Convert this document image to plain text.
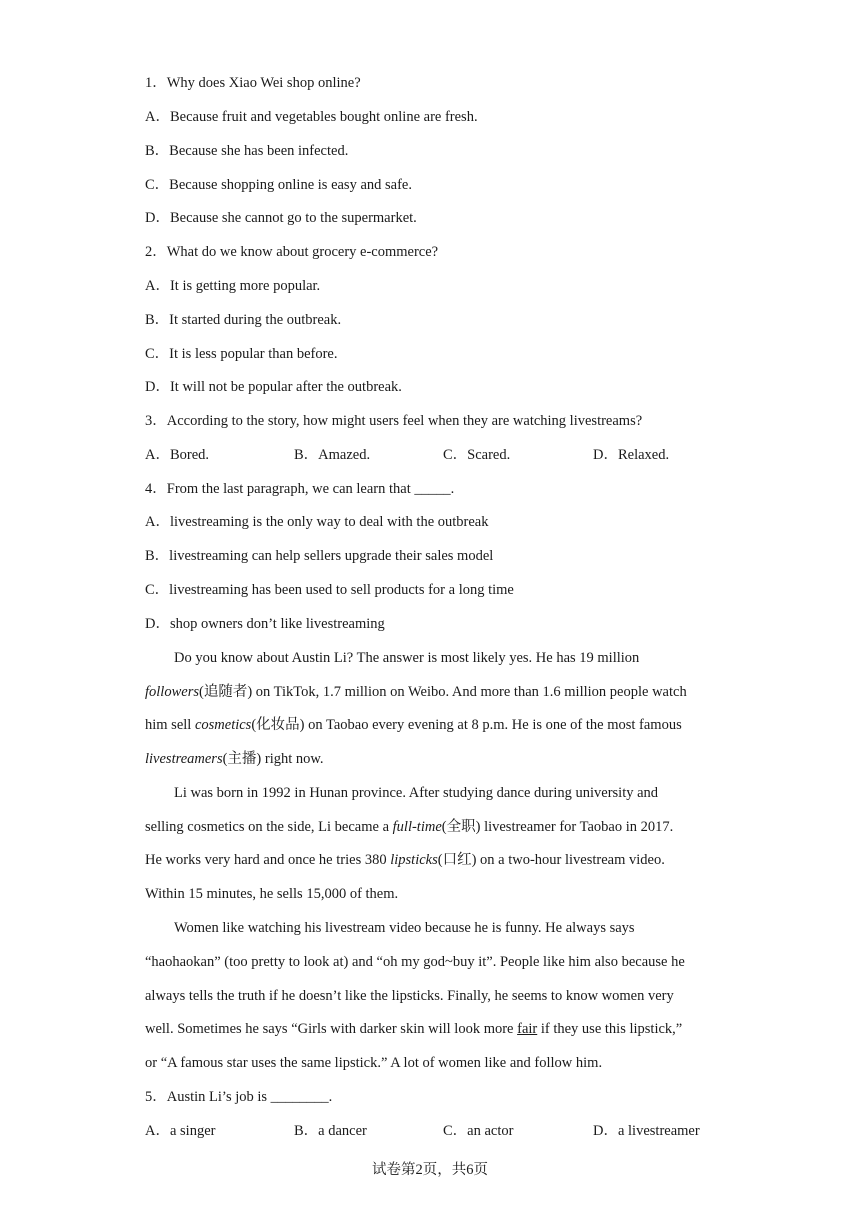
1．Why does Xiao Wei shop online?
A．Because fruit and vegetables bought online are fresh.
B．Because she has been infected.
C．Because shopping online is easy and safe.
D．Because she cannot go to the supermarket.
2．What do we know about grocery e-commerce?
A．It is getting more popular.
B．It started during the outbreak.
C．It is less popular than before.
D．It will not be popular after the outbreak.
3．According to the story, how might users feel when they are watching livestreams?
A．Bored.	B．Amazed.	C．Scared.	D．Relaxed.
4．From the last paragraph, we can learn that _____.
A．livestreaming is the only way to deal with the outbreak
B．livestreaming can help sellers upgrade their sales model
C．livestreaming has been used to sell products for a long time
D．shop owners don’t like livestreaming
Do you know about Austin Li? The answer is most likely yes. He has 19 million
followers(追随者) on TikTok, 1.7 million on Weibo. And more than 1.6 million people watch
him sell cosmetics(化妆品) on Taobao every evening at 8 p.m. He is one of the most famous
livestreamers(主播) right now.
Li was born in 1992 in Hunan province. After studying dance during university and
selling cosmetics on the side, Li became a full-time(全职) livestreamer for Taobao in 2017.
He works very hard and once he tries 380 lipsticks(口红) on a two-hour livestream video.
Within 15 minutes, he sells 15,000 of them.
Women like watching his livestream video because he is funny. He always says
“haohaokan” (too pretty to look at) and “oh my god~buy it”. People like him also because he
always tells the truth if he doesn’t like the lipsticks. Finally, he seems to know women very
well. Sometimes he says “Girls with darker skin will look more fair if they use this lipstick,”
or “A famous star uses the same lipstick.” A lot of women like and follow him.
5．Austin Li’s job is ________.
A．a singer	B．a dancer	C．an actor	D．a livestreamer
试卷第2页，共6页
